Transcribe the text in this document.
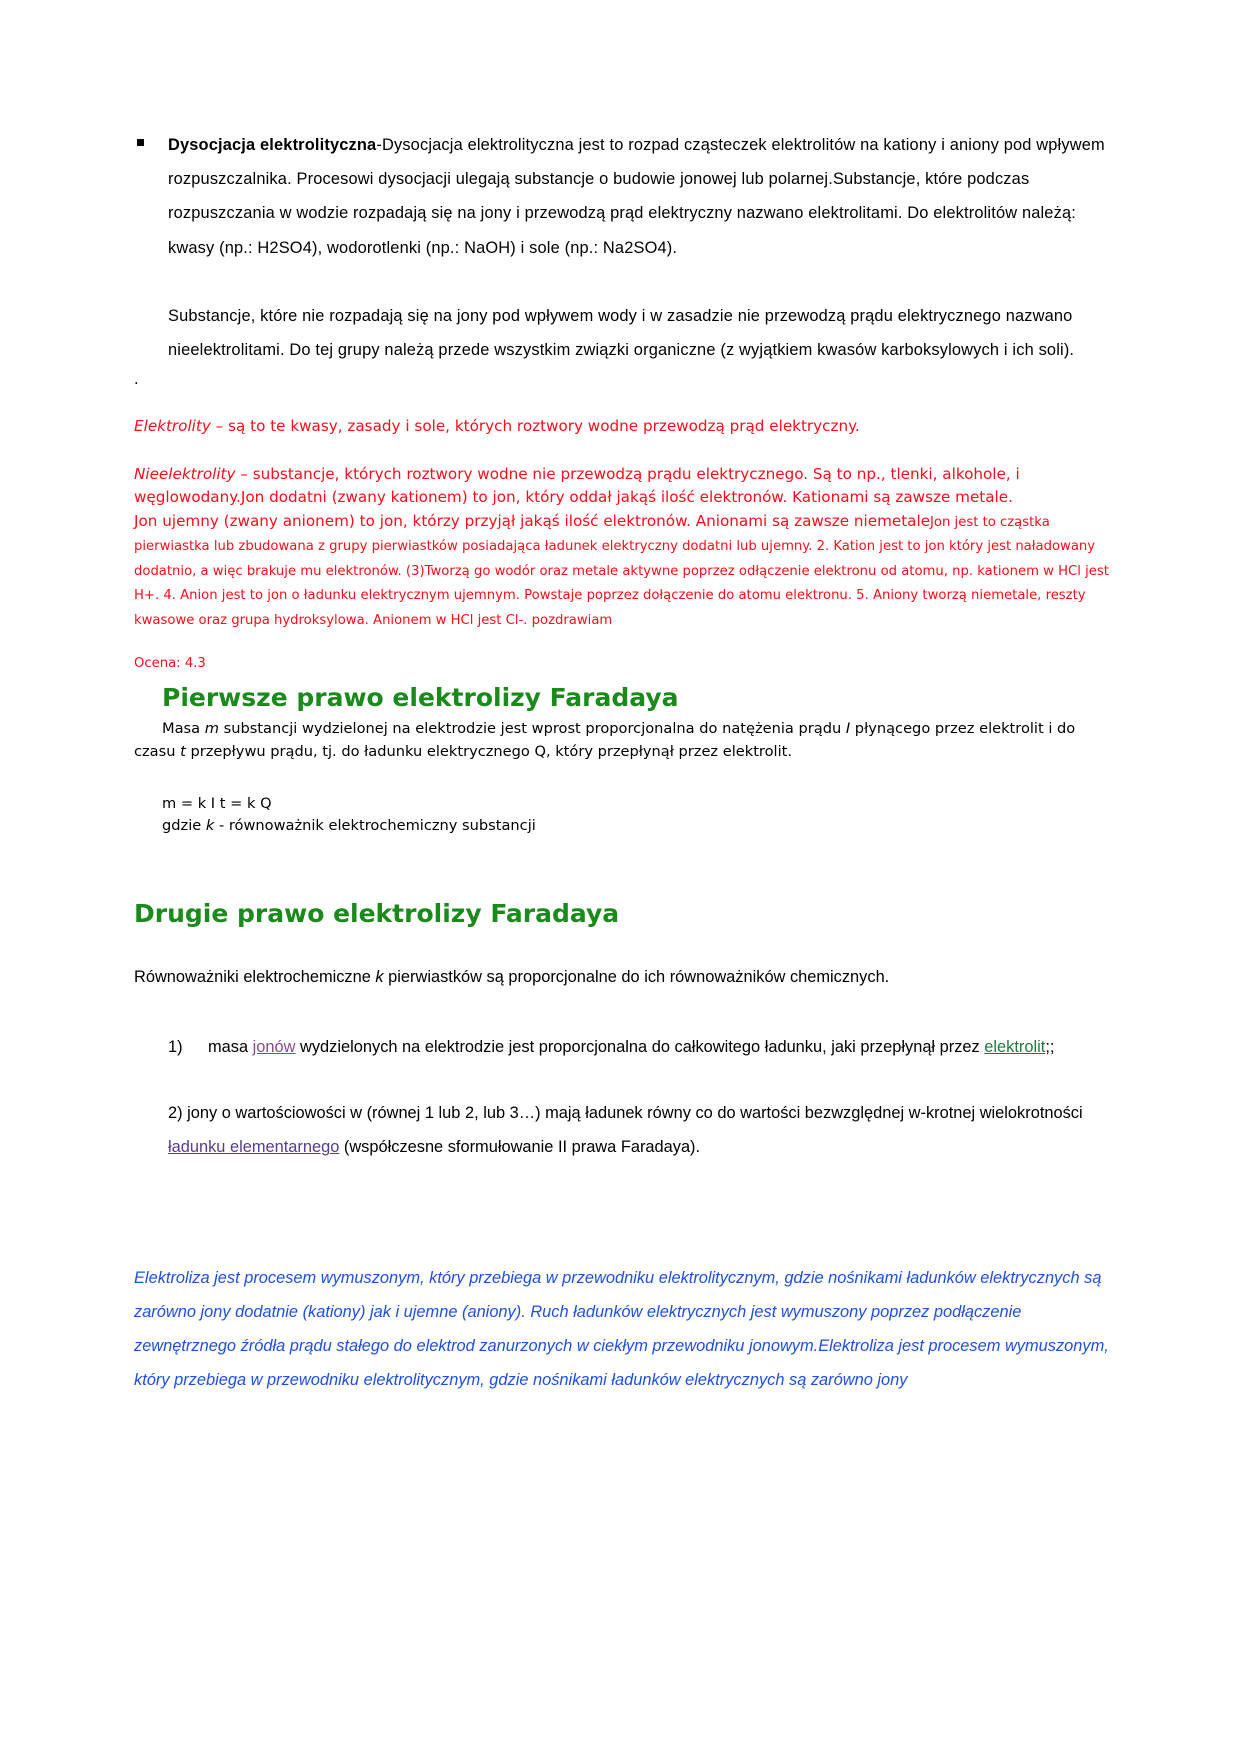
Dysocjacja elektrolityczna-Dysocjacja elektrolityczna jest to rozpad cząsteczek elektrolitów na kationy i aniony pod wpływem rozpuszczalnika. Procesowi dysocjacji ulegają substancje o budowie jonowej lub polarnej.Substancje, które podczas rozpuszczania w wodzie rozpadają się na jony i przewodzą prąd elektryczny nazwano elektrolitami. Do elektrolitów należą: kwasy (np.: H2SO4), wodorotlenki (np.: NaOH) i sole (np.: Na2SO4).

Substancje, które nie rozpadają się na jony pod wpływem wody i w zasadzie nie przewodzą prądu elektrycznego nazwano nieelektrolitami. Do tej grupy należą przede wszystkim związki organiczne (z wyjątkiem kwasów karboksylowych i ich soli).

.

Elektrolity – są to te kwasy, zasady i sole, których roztwory wodne przewodzą prąd elektryczny.

Nieelektrolity – substancje, których roztwory wodne nie przewodzą prądu elektrycznego. Są to np., tlenki, alkohole, i węglowodany.Jon dodatni (zwany kationem) to jon, który oddał jakąś ilość elektronów. Kationami są zawsze metale.

Jon ujemny (zwany anionem) to jon, którzy przyjął jakąś ilość elektronów. Anionami są zawsze niemetaleJon jest to cząstka pierwiastka lub zbudowana z grupy pierwiastków posiadająca ładunek elektryczny dodatni lub ujemny. 2. Kation jest to jon który jest naładowany dodatnio, a więc brakuje mu elektronów. (3)Tworzą go wodór oraz metale aktywne poprzez odłączenie elektronu od atomu, np. kationem w HCl jest H+. 4. Anion jest to jon o ładunku elektrycznym ujemnym. Powstaje poprzez dołączenie do atomu elektronu. 5. Aniony tworzą niemetale, reszty kwasowe oraz grupa hydroksylowa. Anionem w HCl jest Cl-. pozdrawiam

Ocena: 4.3

Pierwsze prawo elektrolizy Faradaya

Masa m substancji wydzielonej na elektrodzie jest wprost proporcjonalna do natężenia prądu I płynącego przez elektrolit i do czasu t przepływu prądu, tj. do ładunku elektrycznego Q, który przepłynął przez elektrolit.

m = k I t = k Q
gdzie k - równoważnik elektrochemiczny substancji
Drugie prawo elektrolizy Faradaya

Równoważniki elektrochemiczne k pierwiastków są proporcjonalne do ich równoważników chemicznych.

1) masa jonów wydzielonych na elektrodzie jest proporcjonalna do całkowitego ładunku, jaki przepłynął przez elektrolit;;
2) jony o wartościowości w (równej 1 lub 2, lub 3…) mają ładunek równy co do wartości bezwzględnej w-krotnej wielokrotności ładunku elementarnego (współczesne sformułowanie II prawa Faradaya).

Elektroliza jest procesem wymuszonym, który przebiega w przewodniku elektrolitycznym, gdzie nośnikami ładunków elektrycznych są zarówno jony dodatnie (kationy) jak i ujemne (aniony). Ruch ładunków elektrycznych jest wymuszony poprzez podłączenie zewnętrznego źródła prądu stałego do elektrod zanurzonych w ciekłym przewodniku jonowym.Elektroliza jest procesem wymuszonym, który przebiega w przewodniku elektrolitycznym, gdzie nośnikami ładunków elektrycznych są zarówno jony
